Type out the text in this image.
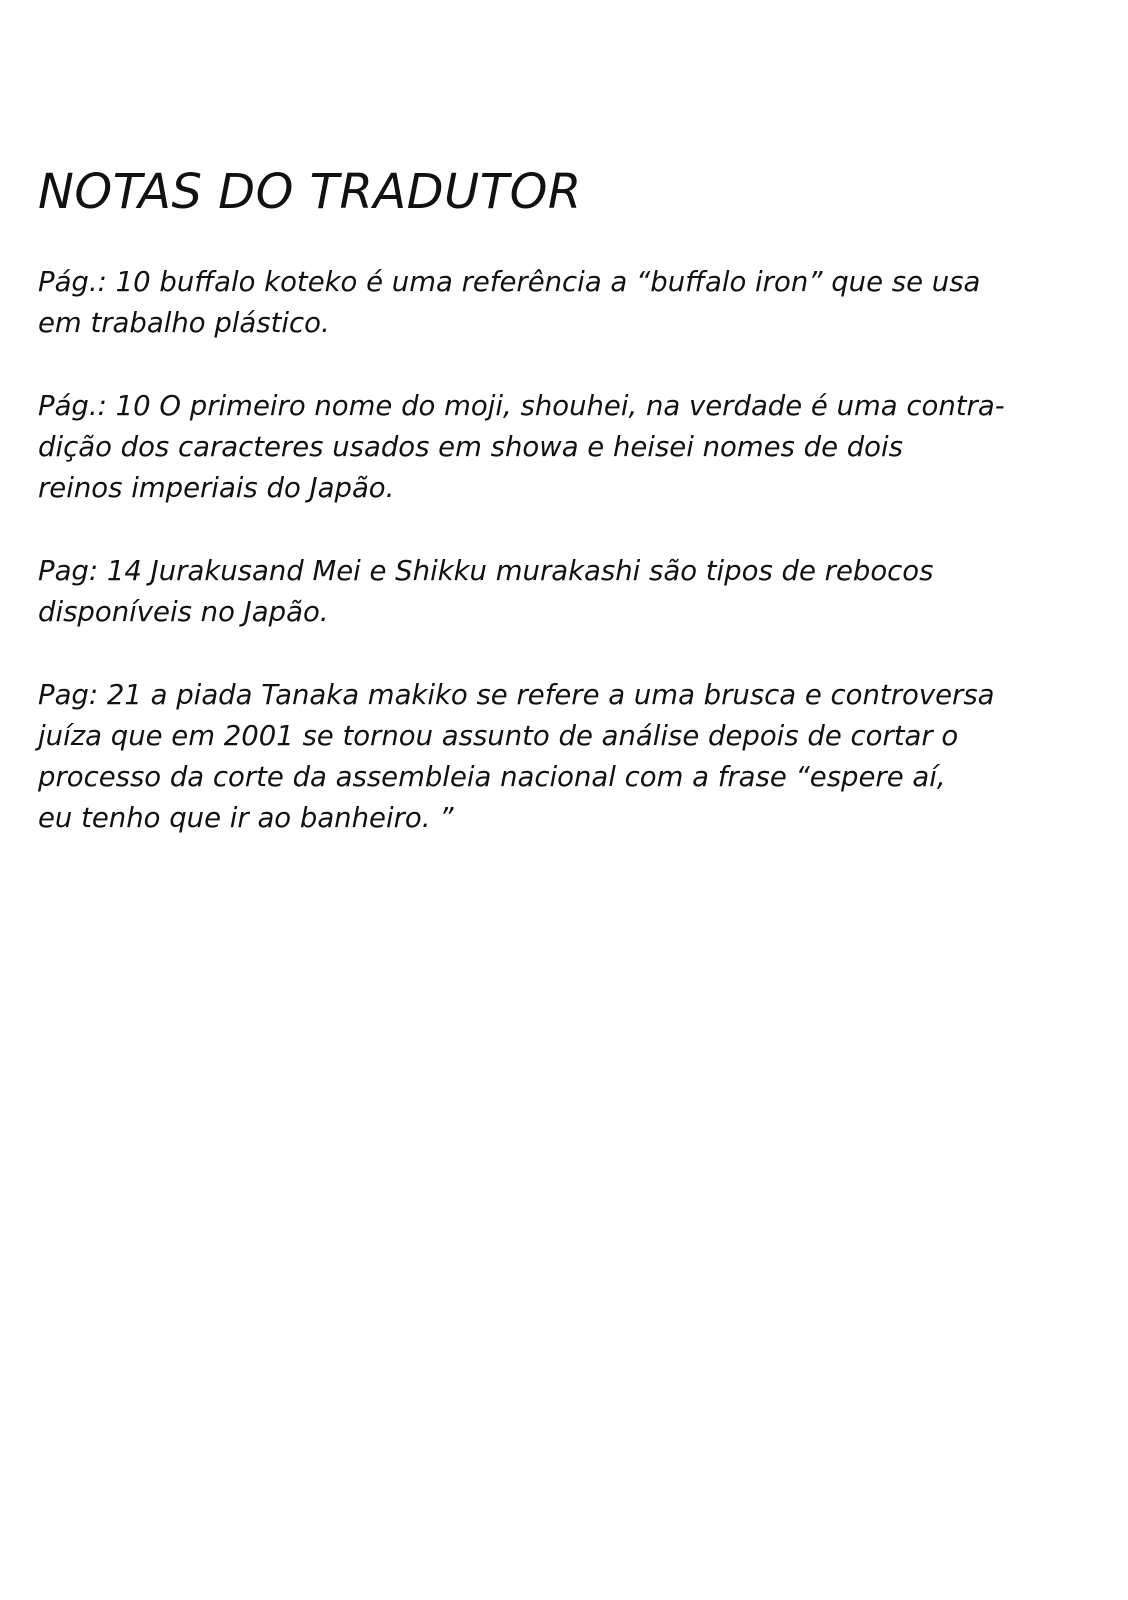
NOTAS DO TRADUTOR

Pág.: 10 buffalo koteko é uma referência a “buffalo iron” que se usa
em trabalho plástico.

Pág.: 10 O primeiro nome do moji, shouhei, na verdade é uma contra-
dição dos caracteres usados em showa e heisei nomes de dois
reinos imperiais do Japão.

Pag: 14 Jurakusand Mei e Shikku murakashi são tipos de rebocos
disponíveis no Japão.

Pag: 21 a piada Tanaka makiko se refere a uma brusca e controversa
juíza que em 2001 se tornou assunto de análise depois de cortar o
processo da corte da assembleia nacional com a frase “espere aí,
eu tenho que ir ao banheiro. ”
